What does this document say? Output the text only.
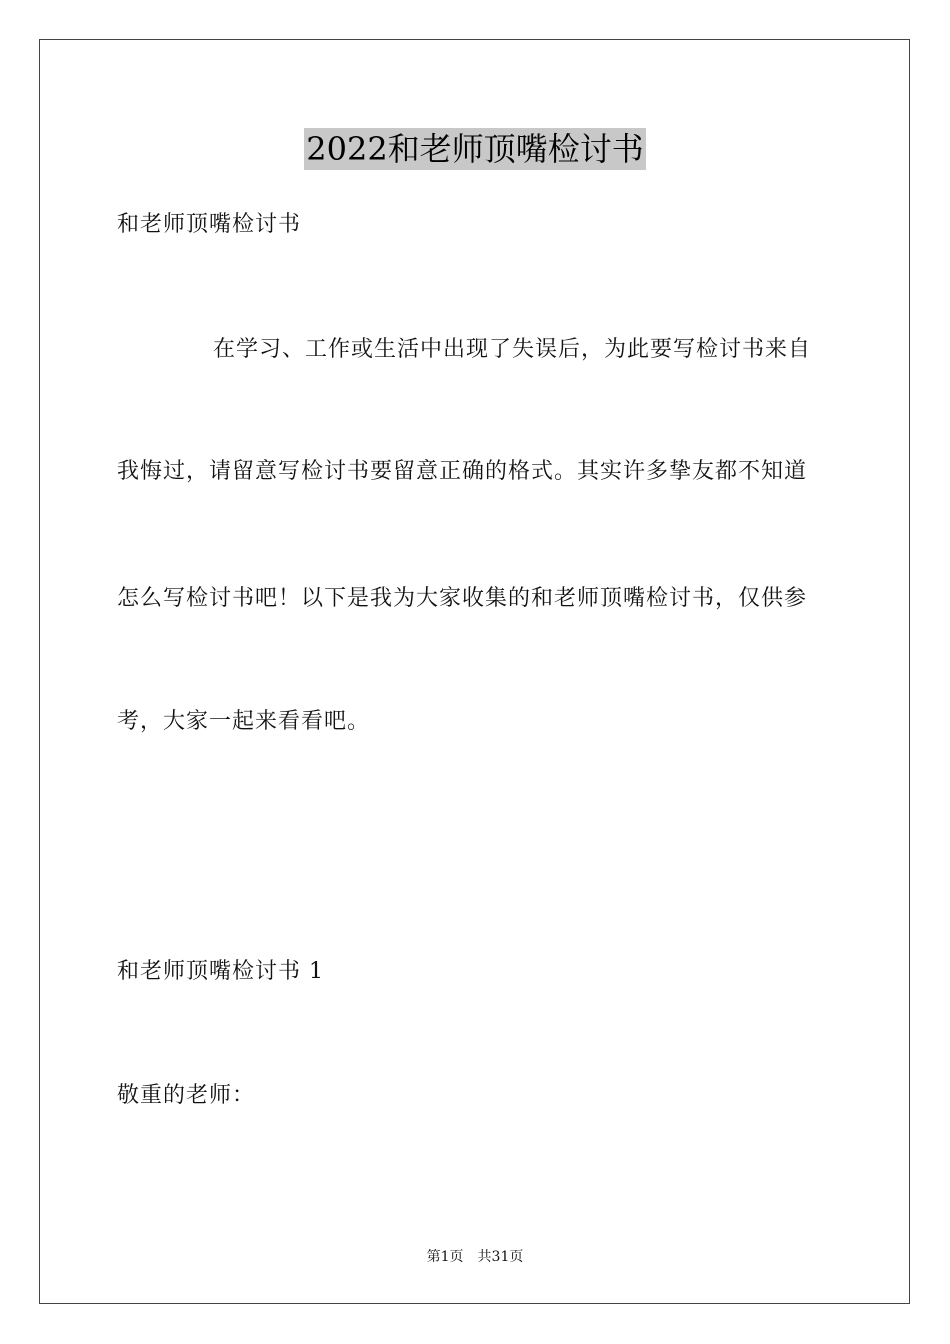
2022和老师顶嘴检讨书

和老师顶嘴检讨书

在学习、工作或生活中出现了失误后，为此要写检讨书来自

我悔过，请留意写检讨书要留意正确的格式。其实许多挚友都不知道

怎么写检讨书吧！以下是我为大家收集的和老师顶嘴检讨书，仅供参

考，大家一起来看看吧。

和老师顶嘴检讨书 1

敬重的老师：

第1页　共31页
